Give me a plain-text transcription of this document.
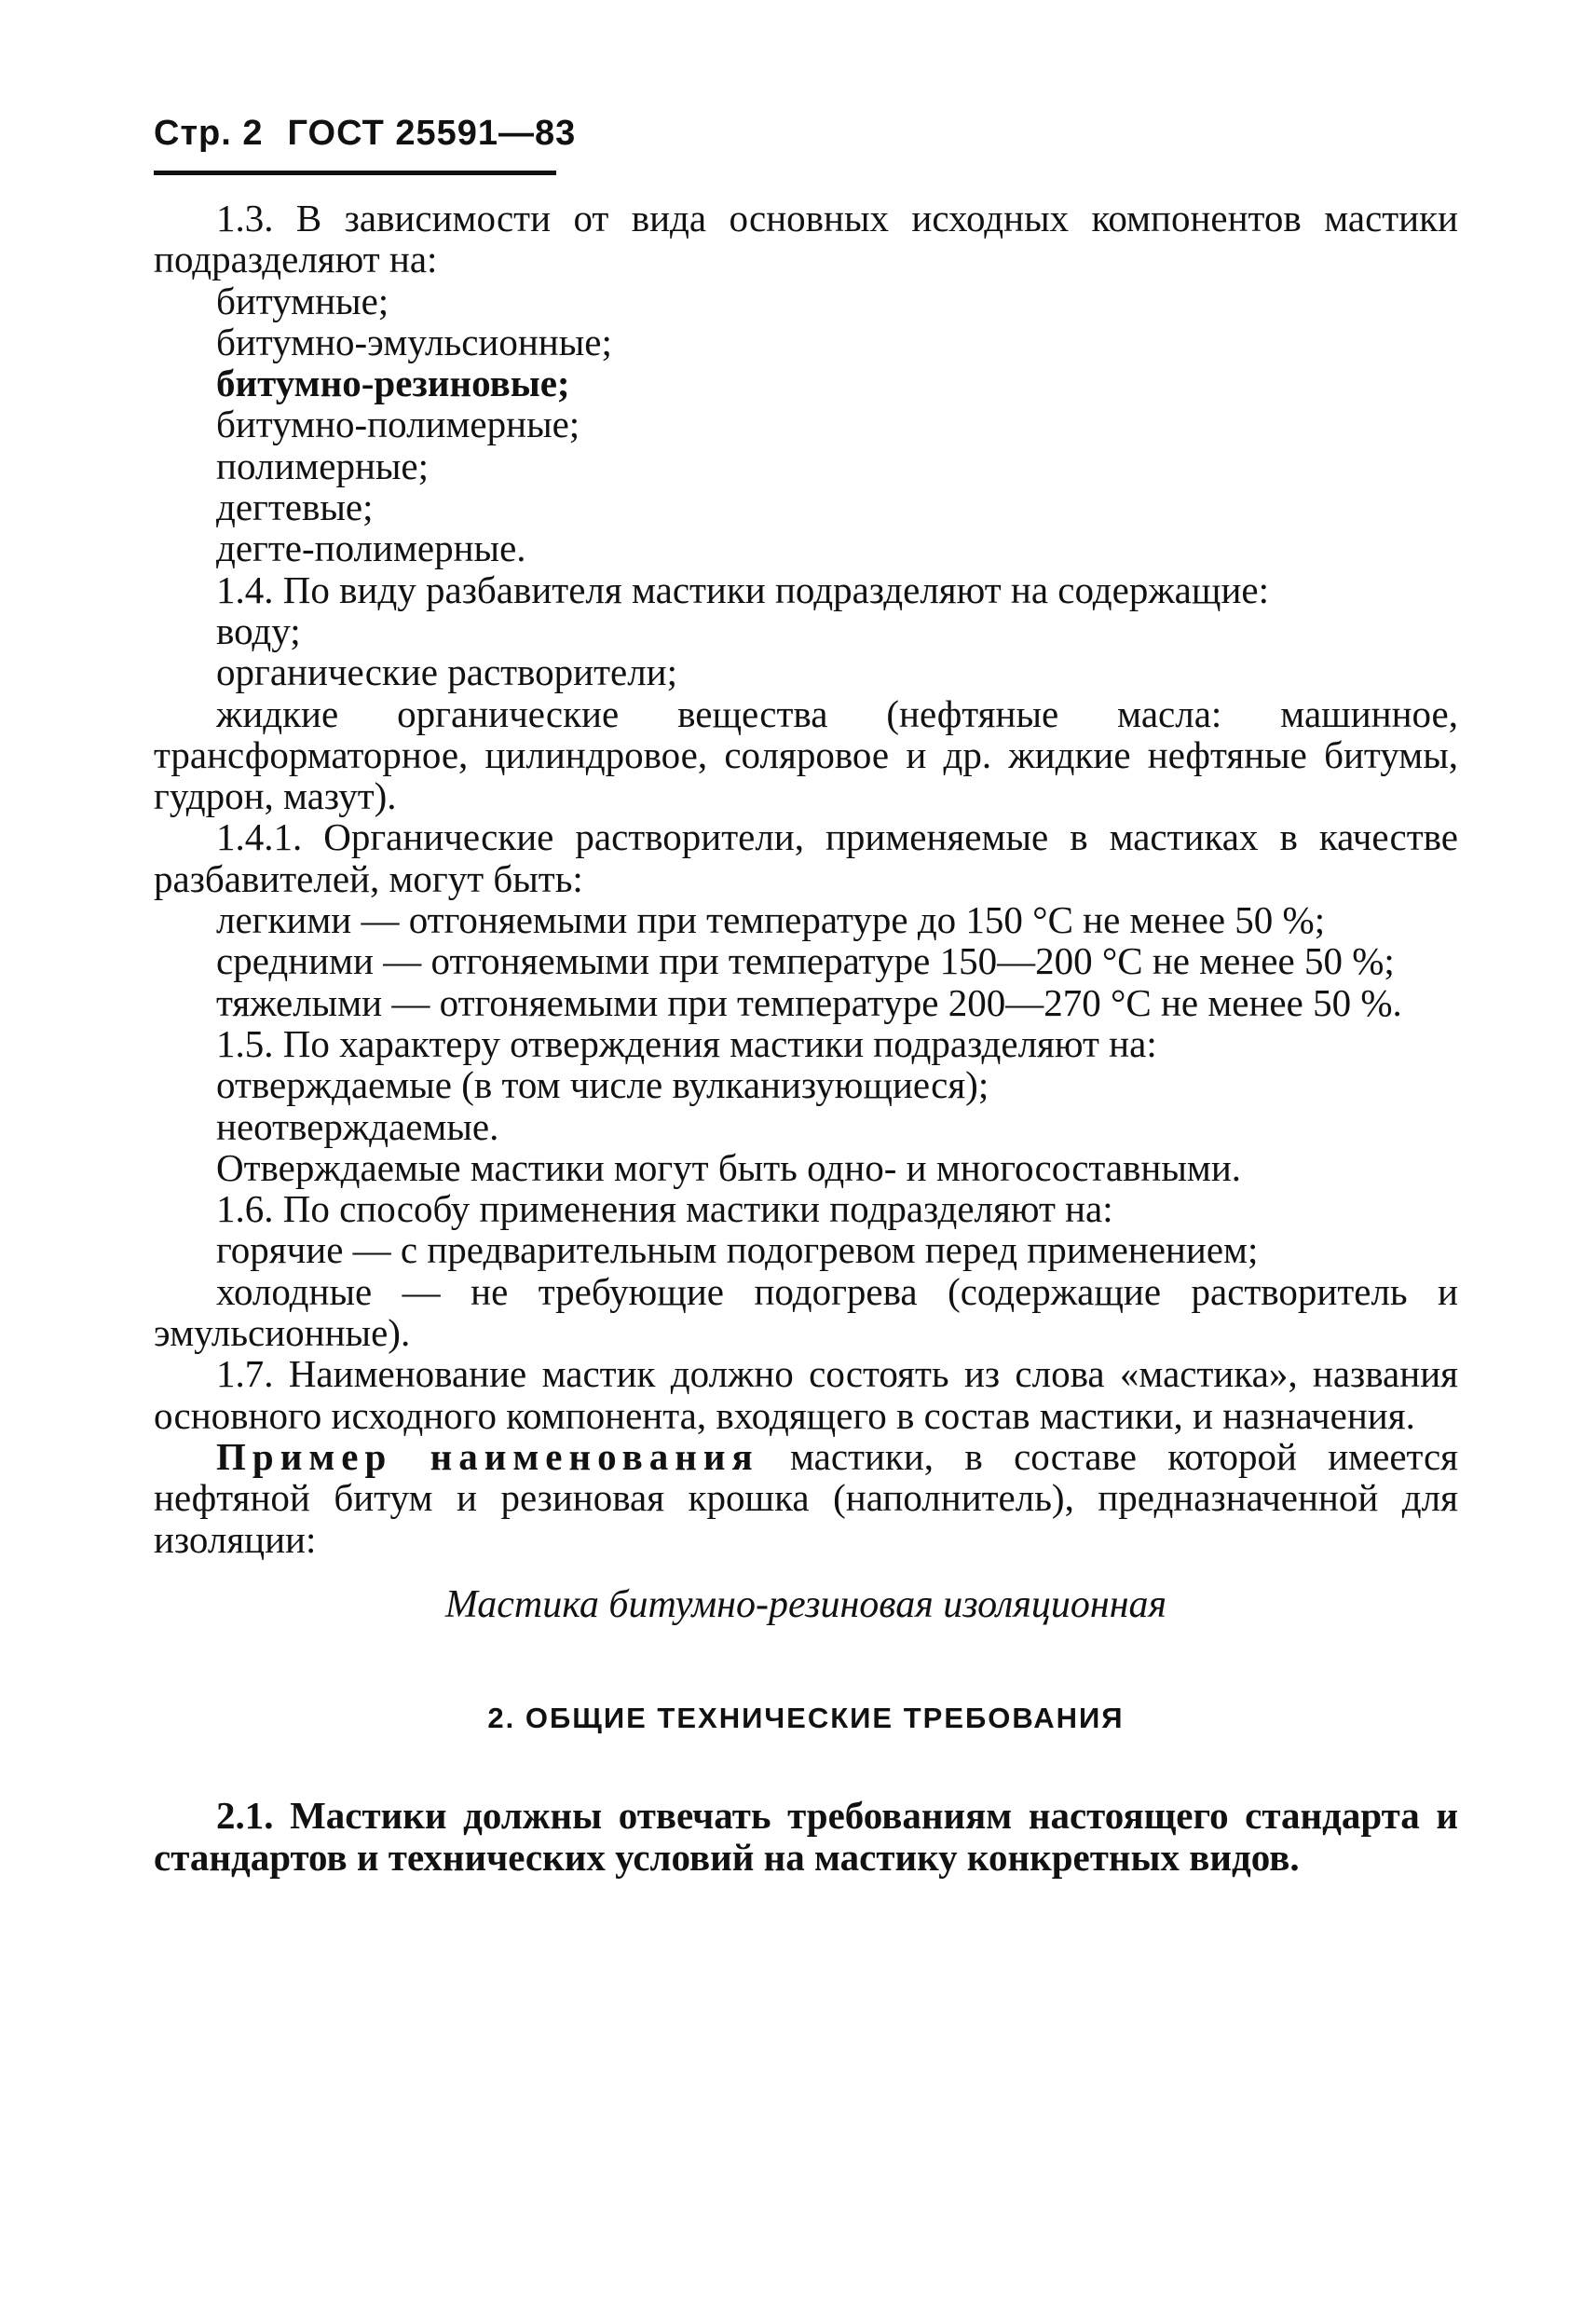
Стр. 2 ГОСТ 25591—83

1.3. В зависимости от вида основных исходных компонентов мастики подразделяют на:

битумные;

битумно-эмульсионные;

битумно-резиновые;

битумно-полимерные;

полимерные;

дегтевые;

дегте-полимерные.

1.4. По виду разбавителя мастики подразделяют на содержащие:

воду;

органические растворители;

жидкие органические вещества (нефтяные масла: машинное, трансформаторное, цилиндровое, соляровое и др. жидкие нефтяные битумы, гудрон, мазут).

1.4.1. Органические растворители, применяемые в мастиках в качестве разбавителей, могут быть:

легкими — отгоняемыми при температуре до 150 °С не менее 50 %;

средними — отгоняемыми при температуре 150—200 °С не менее 50 %;

тяжелыми — отгоняемыми при температуре 200—270 °С не менее 50 %.

1.5. По характеру отверждения мастики подразделяют на:

отверждаемые (в том числе вулканизующиеся);

неотверждаемые.

Отверждаемые мастики могут быть одно- и многосоставными.

1.6. По способу применения мастики подразделяют на:

горячие — с предварительным подогревом перед применением;

холодные — не требующие подогрева (содержащие растворитель и эмульсионные).

1.7. Наименование мастик должно состоять из слова «мастика», названия основного исходного компонента, входящего в состав мастики, и назначения.

Пример наименования мастики, в составе которой имеется нефтяной битум и резиновая крошка (наполнитель), предназначенной для изоляции:

Мастика битумно-резиновая изоляционная

2. ОБЩИЕ ТЕХНИЧЕСКИЕ ТРЕБОВАНИЯ

2.1. Мастики должны отвечать требованиям настоящего стандарта и стандартов и технических условий на мастику конкретных видов.
